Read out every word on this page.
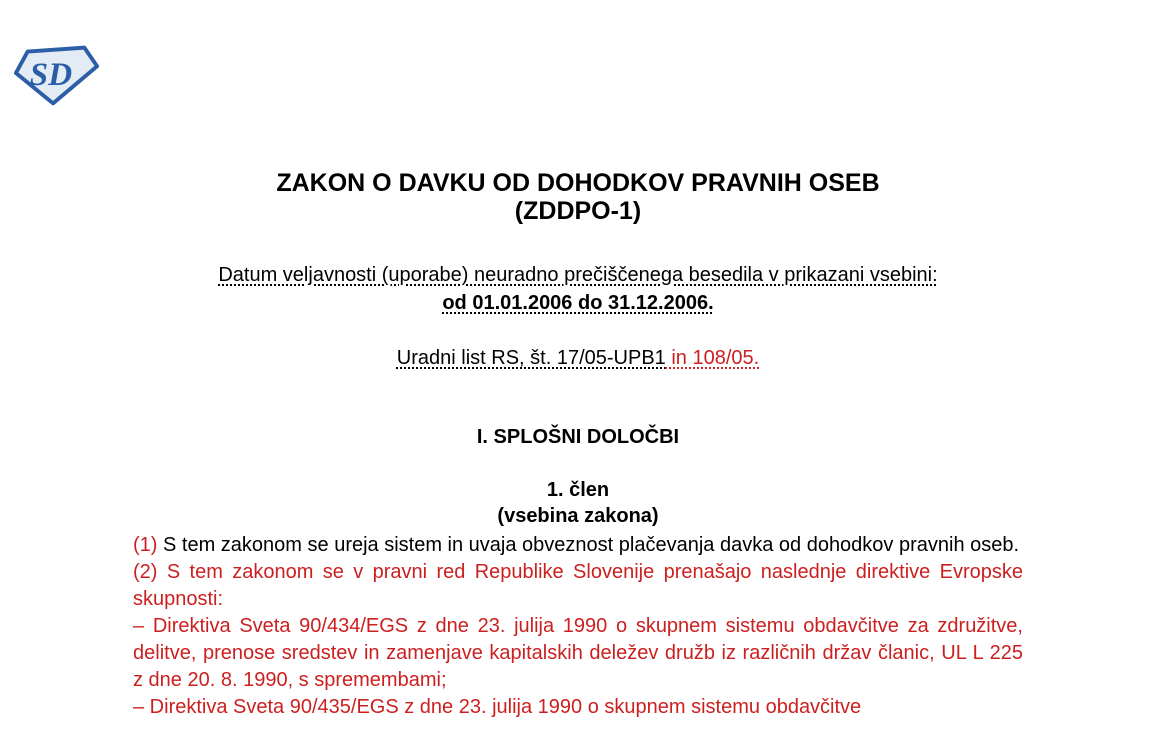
SD
ZAKON O DAVKU OD DOHODKOV PRAVNIH OSEB
(ZDDPO-1)
Datum veljavnosti (uporabe) neuradno prečiščenega besedila v prikazani vsebini:
od 01.01.2006 do 31.12.2006.
Uradni list RS, št. 17/05-UPB1 in 108/05.
I. SPLOŠNI DOLOČBI
1. člen
(vsebina zakona)

(1) S tem zakonom se ureja sistem in uvaja obveznost plačevanja davka od dohodkov pravnih oseb.

(2) S tem zakonom se v pravni red Republike Slovenije prenašajo naslednje direktive Evropske skupnosti:

– Direktiva Sveta 90/434/EGS z dne 23. julija 1990 o skupnem sistemu obdavčitve za združitve, delitve, prenose sredstev in zamenjave kapitalskih deležev družb iz različnih držav članic, UL L 225 z dne 20. 8. 1990, s spremembami;

– Direktiva Sveta 90/435/EGS z dne 23. julija 1990 o skupnem sistemu obdavčitve
